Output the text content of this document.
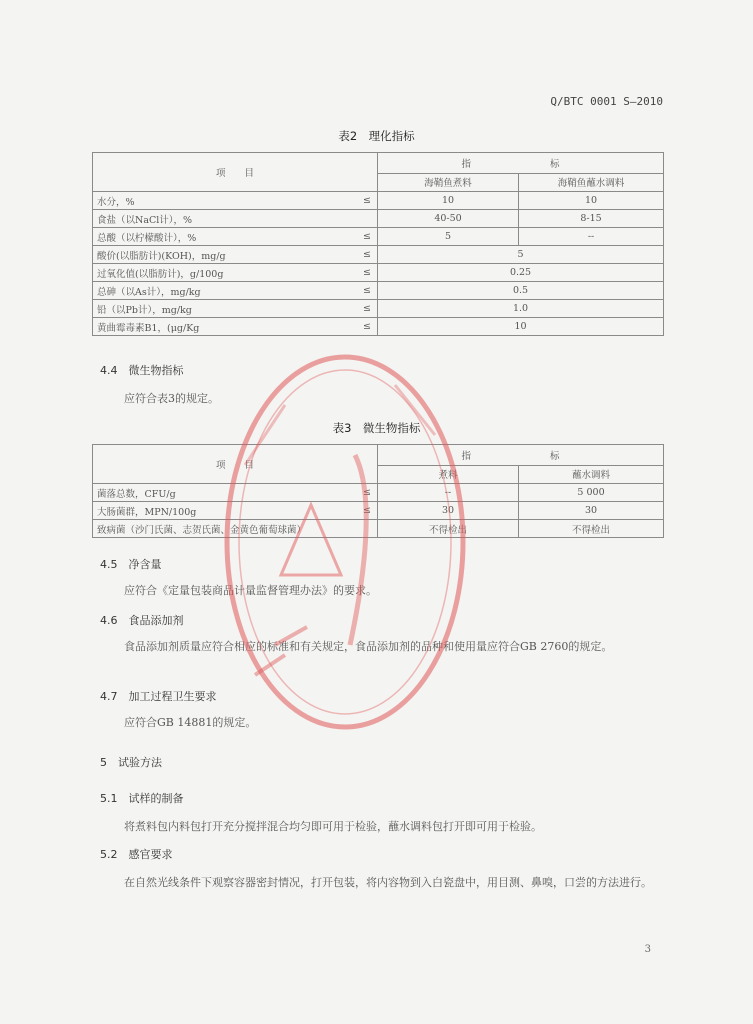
Q/BTC 0001 S—2010
表2　理化指标
项　　目		指　　标	
		海鞘鱼煮料	海鞘鱼蘸水调料
水分，%	≤	10	10
食盐（以NaCl计），%		40-50	8-15
总酸（以柠檬酸计），%	≤	5	--
酸价(以脂肪计)(KOH)，mg/g	≤	5	
过氧化值(以脂肪计)，g/100g	≤	0.25	
总砷（以As计），mg/kg	≤	0.5	
铅（以Pb计），mg/kg	≤	1.0	
黄曲霉毒素B1，(μg/Kg	≤	10	
4.4　微生物指标
应符合表3的规定。
表3　微生物指标
项　　目		指　　标	
		煮料	蘸水调料
菌落总数，CFU/g	≤	--	5 000
大肠菌群，MPN/100g	≤	30	30
致病菌（沙门氏菌、志贺氏菌、金黄色葡萄球菌）		不得检出	不得检出
4.5　净含量
应符合《定量包装商品计量监督管理办法》的要求。
4.6　食品添加剂
食品添加剂质量应符合相应的标准和有关规定，食品添加剂的品种和使用量应符合GB 2760的规定。
4.7　加工过程卫生要求
应符合GB 14881的规定。
5　试验方法
5.1　试样的制备
将煮料包内料包打开充分搅拌混合均匀即可用于检验，蘸水调料包打开即可用于检验。
5.2　感官要求
在自然光线条件下观察容器密封情况，打开包装，将内容物到入白瓷盘中，用目测、鼻嗅，口尝的方法进行。
3
